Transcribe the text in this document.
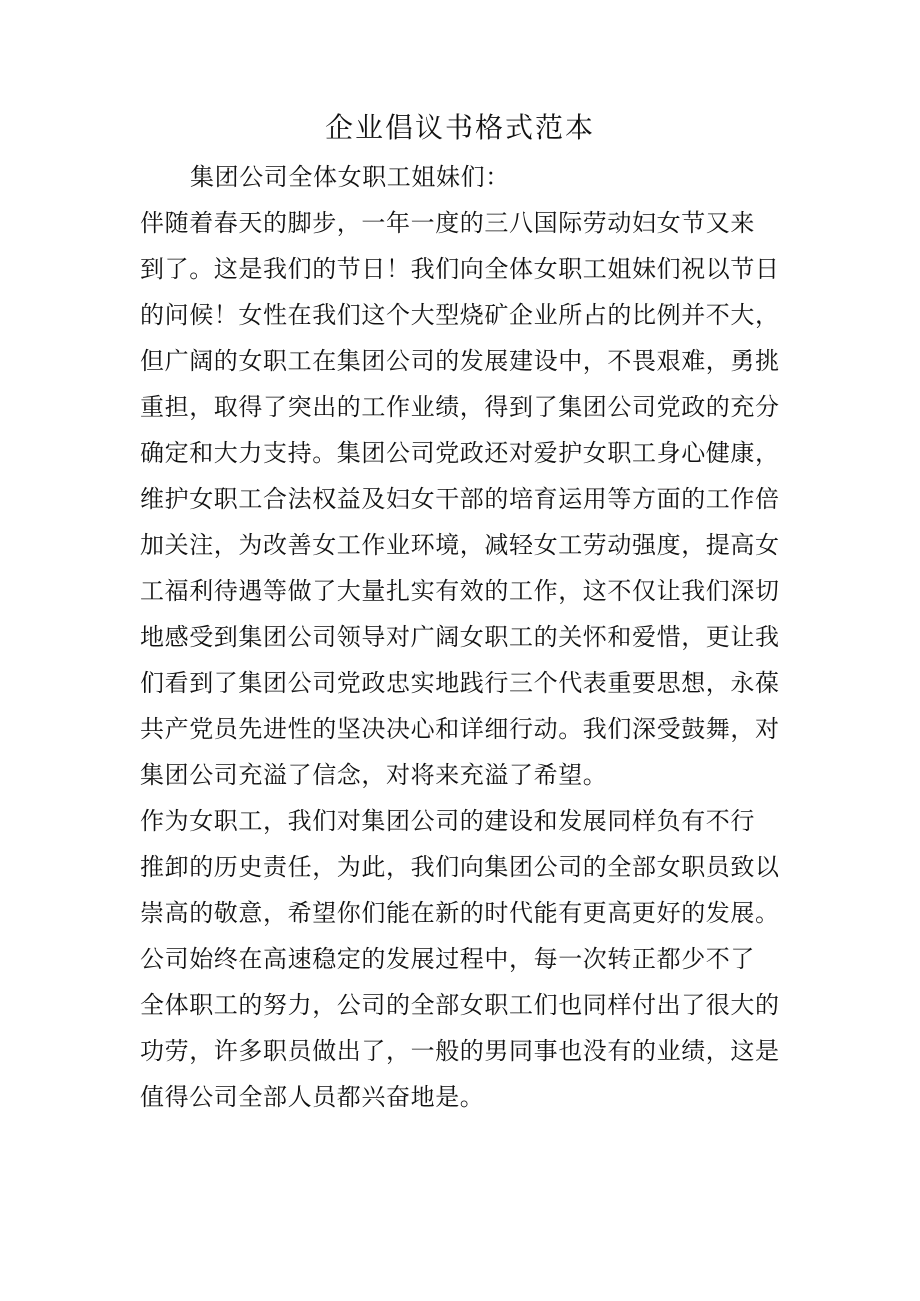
企业倡议书格式范本
集团公司全体女职工姐妹们：
伴随着春天的脚步，一年一度的三八国际劳动妇女节又来
到了。这是我们的节日！我们向全体女职工姐妹们祝以节日
的问候！女性在我们这个大型烧矿企业所占的比例并不大，
但广阔的女职工在集团公司的发展建设中，不畏艰难，勇挑
重担，取得了突出的工作业绩，得到了集团公司党政的充分
确定和大力支持。集团公司党政还对爱护女职工身心健康，
维护女职工合法权益及妇女干部的培育运用等方面的工作倍
加关注，为改善女工作业环境，减轻女工劳动强度，提高女
工福利待遇等做了大量扎实有效的工作，这不仅让我们深切
地感受到集团公司领导对广阔女职工的关怀和爱惜，更让我
们看到了集团公司党政忠实地践行三个代表重要思想，永葆
共产党员先进性的坚决决心和详细行动。我们深受鼓舞，对
集团公司充溢了信念，对将来充溢了希望。
作为女职工，我们对集团公司的建设和发展同样负有不行
推卸的历史责任，为此，我们向集团公司的全部女职员致以
崇高的敬意，希望你们能在新的时代能有更高更好的发展。
公司始终在高速稳定的发展过程中，每一次转正都少不了
全体职工的努力，公司的全部女职工们也同样付出了很大的
功劳，许多职员做出了，一般的男同事也没有的业绩，这是
值得公司全部人员都兴奋地是。
